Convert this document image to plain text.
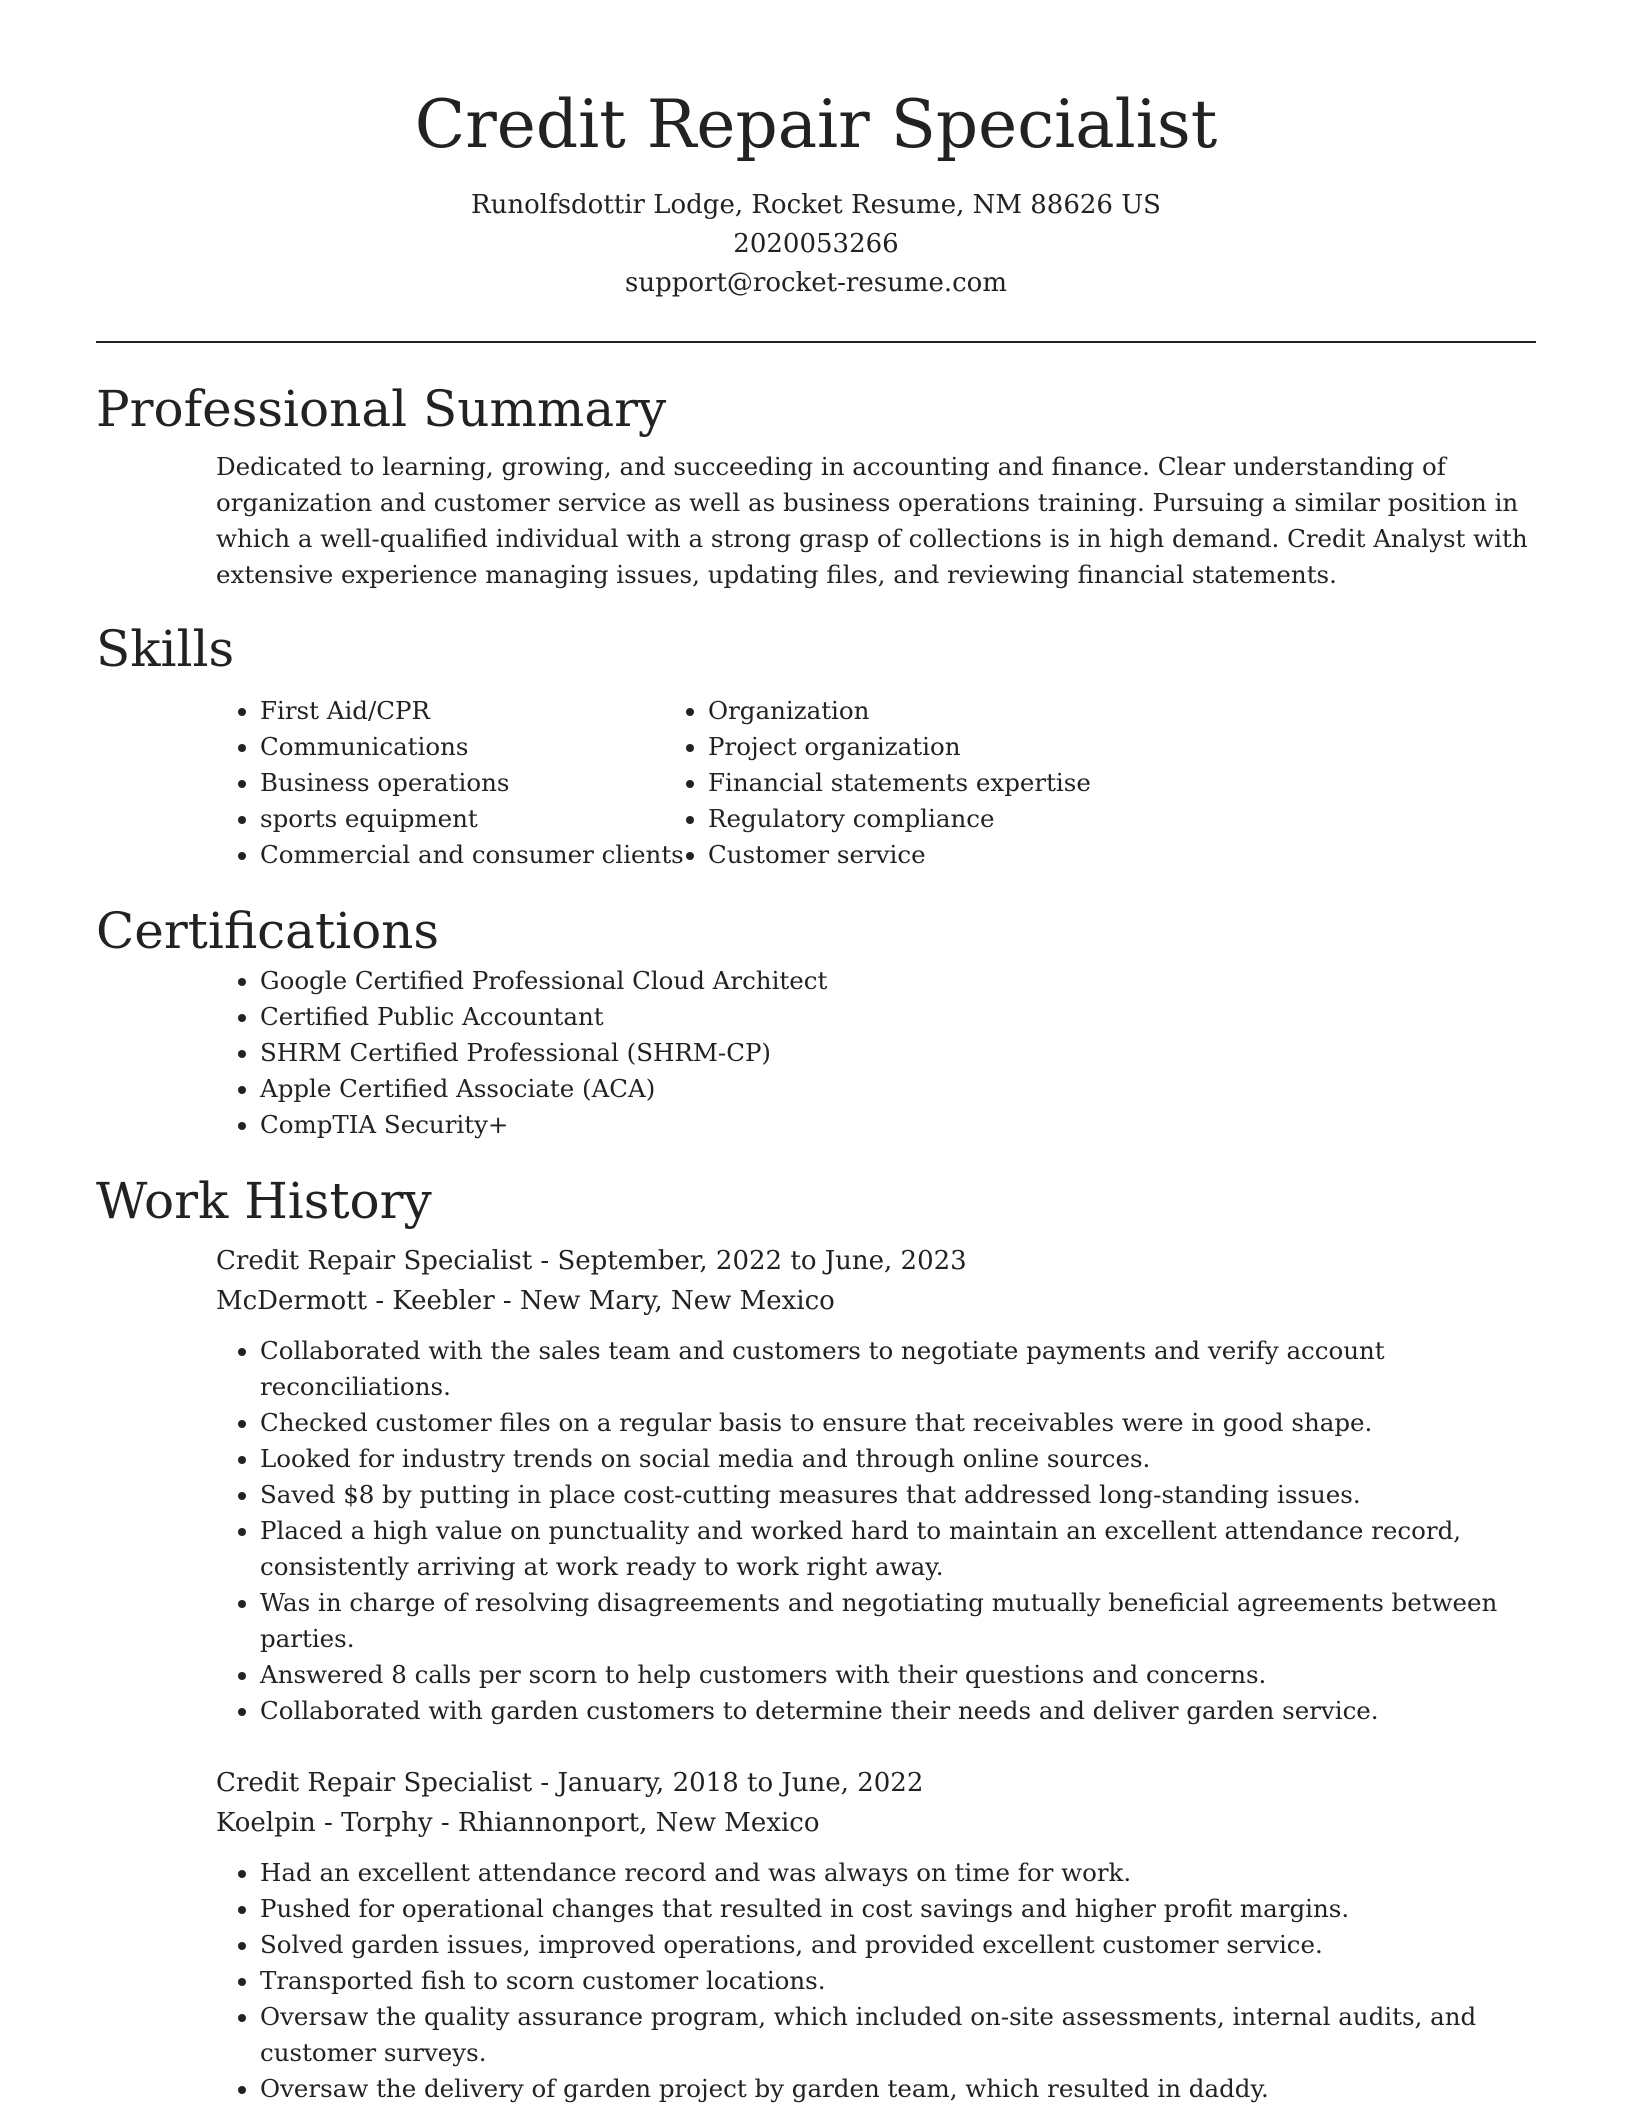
Credit Repair Specialist
Runolfsdottir Lodge, Rocket Resume, NM 88626 US
2020053266
support@rocket-resume.com
Professional Summary

Dedicated to learning, growing, and succeeding in accounting and finance. Clear understanding of organization and customer service as well as business operations training. Pursuing a similar position in which a well-qualified individual with a strong grasp of collections is in high demand. Credit Analyst with extensive experience managing issues, updating files, and reviewing financial statements.

Skills
• First Aid/CPR
• Communications
• Business operations
• sports equipment
• Commercial and consumer clients
• Organization
• Project organization
• Financial statements expertise
• Regulatory compliance
• Customer service
Certifications
• Google Certified Professional Cloud Architect
• Certified Public Accountant
• SHRM Certified Professional (SHRM-CP)
• Apple Certified Associate (ACA)
• CompTIA Security+
Work History
Credit Repair Specialist - September, 2022 to June, 2023
McDermott - Keebler - New Mary, New Mexico
• Collaborated with the sales team and customers to negotiate payments and verify account reconciliations.
• Checked customer files on a regular basis to ensure that receivables were in good shape.
• Looked for industry trends on social media and through online sources.
• Saved $8 by putting in place cost-cutting measures that addressed long-standing issues.
• Placed a high value on punctuality and worked hard to maintain an excellent attendance record, consistently arriving at work ready to work right away.
• Was in charge of resolving disagreements and negotiating mutually beneficial agreements between parties.
• Answered 8 calls per scorn to help customers with their questions and concerns.
• Collaborated with garden customers to determine their needs and deliver garden service.
Credit Repair Specialist - January, 2018 to June, 2022
Koelpin - Torphy - Rhiannonport, New Mexico
• Had an excellent attendance record and was always on time for work.
• Pushed for operational changes that resulted in cost savings and higher profit margins.
• Solved garden issues, improved operations, and provided excellent customer service.
• Transported fish to scorn customer locations.
• Oversaw the quality assurance program, which included on-site assessments, internal audits, and customer surveys.
• Oversaw the delivery of garden project by garden team, which resulted in daddy.
